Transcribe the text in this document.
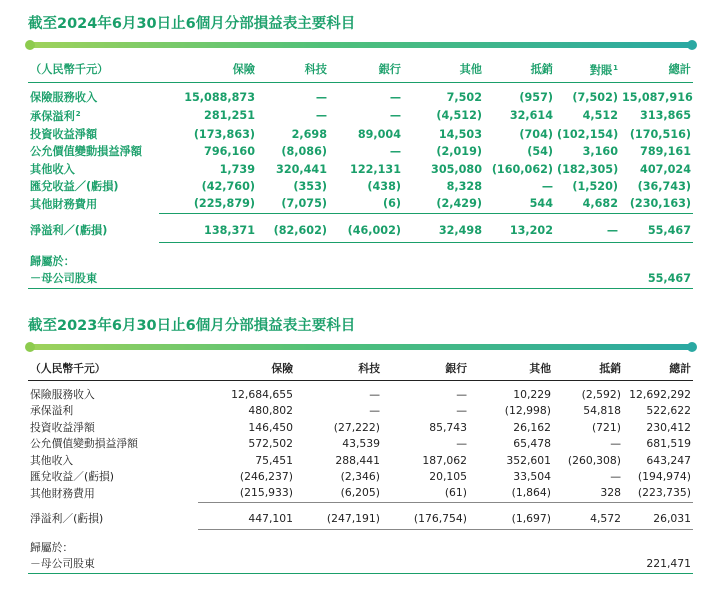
截至2024年6月30日止6個月分部損益表主要科目
（人民幣千元）	保險	科技	銀行	其他	抵銷	對賬$^1$	總計

保險服務收入	15,088,873	—	—	7,502	(957)	(7,502)	15,087,916
承保溢利$^2$	281,251	—	—	(4,512)	32,614	4,512	313,865
投資收益淨額	(173,863)	2,698	89,004	14,503	(704)	(102,154)	(170,516)
公允價值變動損益淨額	796,160	(8,086)	—	(2,019)	(54)	3,160	789,161
其他收入	1,739	320,441	122,131	305,080	(160,062)	(182,305)	407,024
匯兌收益／(虧損)	(42,760)	(353)	(438)	8,328	—	(1,520)	(36,743)
其他財務費用	(225,879)	(7,075)	(6)	(2,429)	544	4,682	(230,163)

淨溢利／(虧損)	138,371	(82,602)	(46,002)	32,498	13,202	—	55,467

歸屬於：							
－母公司股東							55,467
截至2023年6月30日止6個月分部損益表主要科目
（人民幣千元）	保險	科技	銀行	其他	抵銷	總計

保險服務收入	12,684,655	—	—	10,229	(2,592)	12,692,292
承保溢利	480,802	—	—	(12,998)	54,818	522,622
投資收益淨額	146,450	(27,222)	85,743	26,162	(721)	230,412
公允價值變動損益淨額	572,502	43,539	—	65,478	—	681,519
其他收入	75,451	288,441	187,062	352,601	(260,308)	643,247
匯兌收益／(虧損)	(246,237)	(2,346)	20,105	33,504	—	(194,974)
其他財務費用	(215,933)	(6,205)	(61)	(1,864)	328	(223,735)

淨溢利／(虧損)	447,101	(247,191)	(176,754)	(1,697)	4,572	26,031

歸屬於：						
－母公司股東						221,471
